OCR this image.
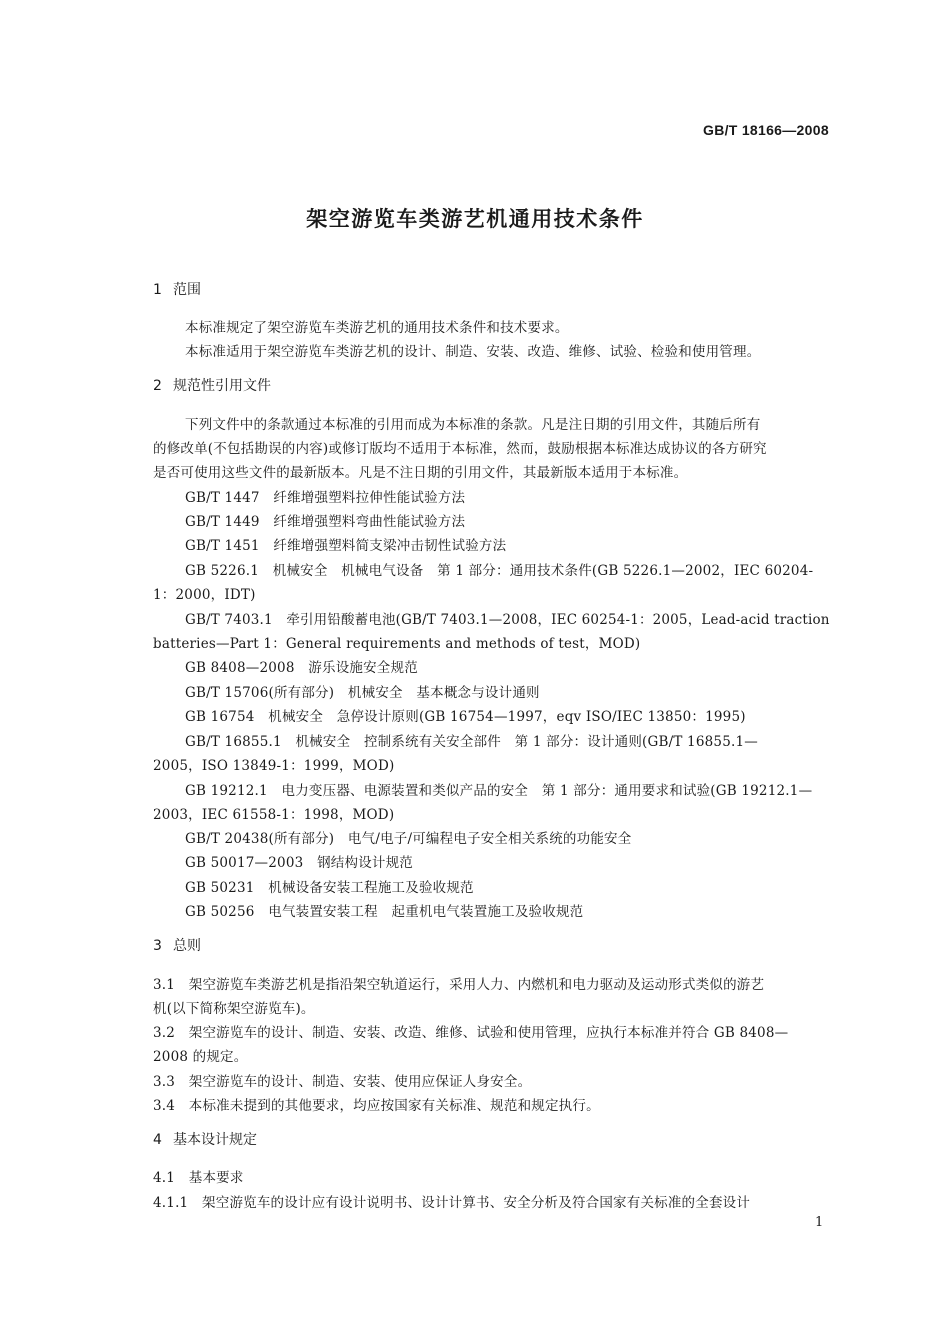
GB/T 18166—2008
架空游览车类游艺机通用技术条件
1 范围
本标准规定了架空游览车类游艺机的通用技术条件和技术要求。
本标准适用于架空游览车类游艺机的设计、制造、安装、改造、维修、试验、检验和使用管理。
2 规范性引用文件
下列文件中的条款通过本标准的引用而成为本标准的条款。凡是注日期的引用文件，其随后所有
的修改单(不包括勘误的内容)或修订版均不适用于本标准，然而，鼓励根据本标准达成协议的各方研究
是否可使用这些文件的最新版本。凡是不注日期的引用文件，其最新版本适用于本标准。
GB/T 1447　纤维增强塑料拉伸性能试验方法
GB/T 1449　纤维增强塑料弯曲性能试验方法
GB/T 1451　纤维增强塑料简支梁冲击韧性试验方法
GB 5226.1　机械安全　机械电气设备　第 1 部分：通用技术条件(GB 5226.1—2002，IEC 60204-
1：2000，IDT)
GB/T 7403.1　牵引用铅酸蓄电池(GB/T 7403.1—2008，IEC 60254-1：2005，Lead-acid traction
batteries—Part 1：General requirements and methods of test，MOD)
GB 8408—2008　游乐设施安全规范
GB/T 15706(所有部分)　机械安全　基本概念与设计通则
GB 16754　机械安全　急停设计原则(GB 16754—1997，eqv ISO/IEC 13850：1995)
GB/T 16855.1　机械安全　控制系统有关安全部件　第 1 部分：设计通则(GB/T 16855.1—
2005，ISO 13849-1：1999，MOD)
GB 19212.1　电力变压器、电源装置和类似产品的安全　第 1 部分：通用要求和试验(GB 19212.1—
2003，IEC 61558-1：1998，MOD)
GB/T 20438(所有部分)　电气/电子/可编程电子安全相关系统的功能安全
GB 50017—2003　钢结构设计规范
GB 50231　机械设备安装工程施工及验收规范
GB 50256　电气装置安装工程　起重机电气装置施工及验收规范
3 总则
3.1　架空游览车类游艺机是指沿架空轨道运行，采用人力、内燃机和电力驱动及运动形式类似的游艺
机(以下简称架空游览车)。
3.2　架空游览车的设计、制造、安装、改造、维修、试验和使用管理，应执行本标准并符合 GB 8408—
2008 的规定。
3.3　架空游览车的设计、制造、安装、使用应保证人身安全。
3.4　本标准未提到的其他要求，均应按国家有关标准、规范和规定执行。
4 基本设计规定
4.1　基本要求
4.1.1　架空游览车的设计应有设计说明书、设计计算书、安全分析及符合国家有关标准的全套设计
1
